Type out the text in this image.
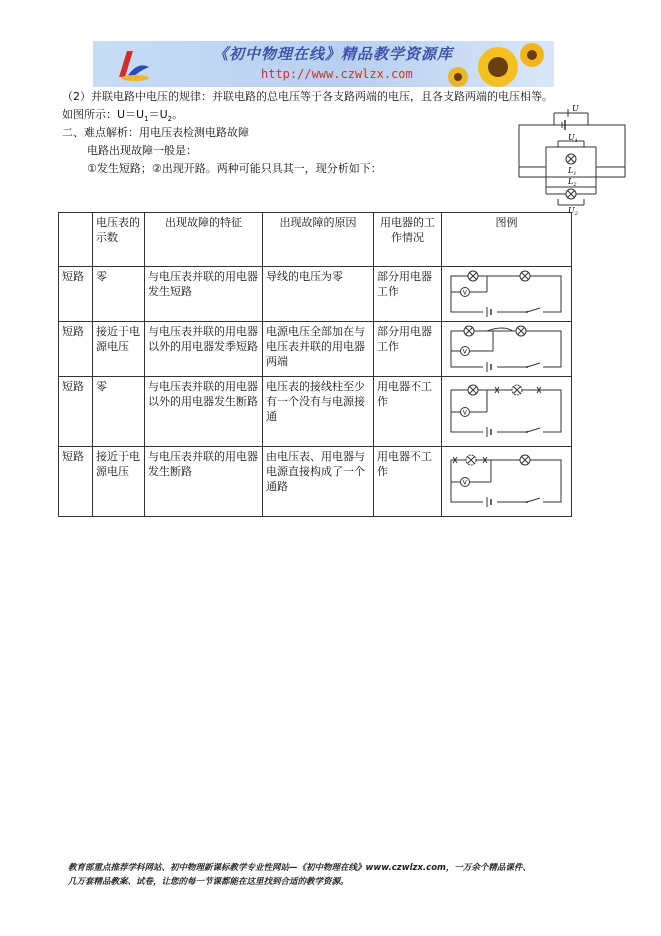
《初中物理在线》精品教学资源库
http://www.czwlzx.com
（2）并联电路中电压的规律：并联电路的总电压等于各支路两端的电压，且各支路两端的电压相等。
如图所示：$U=U_1=U_2$。
二、难点解析：用电压表检测电路故障
电路出现故障一般是：
①发生短路；②出现开路。两种可能只具其一，现分析如下：
U
$U_1$
$L_1$
$L_2$
$U_2$
	电压表的示数	出现故障的特征	出现故障的原因	用电器的工作情况	图例
短路	零	与电压表并联的用电器发生短路	导线的电压为零	部分用电器工作	V

短路	接近于电源电压	与电压表并联的用电器以外的用电器发季短路	电源电压全部加在与电压表并联的用电器两端	部分用电器工作	V

短路	零	与电压表并联的用电器以外的用电器发生断路	电压表的接线柱至少有一个没有与电源接通	用电器不工作	V

短路	接近于电源电压	与电压表并联的用电器发生断路	由电压表、用电器与电源直接构成了一个通路	用电器不工作	V
教育部重点推荐学科网站、初中物理新课标教学专业性网站—《初中物理在线》www.czwlzx.com，一万余个精品课件、
几万套精品教案、试卷，让您的每一节课都能在这里找到合适的教学资源。
